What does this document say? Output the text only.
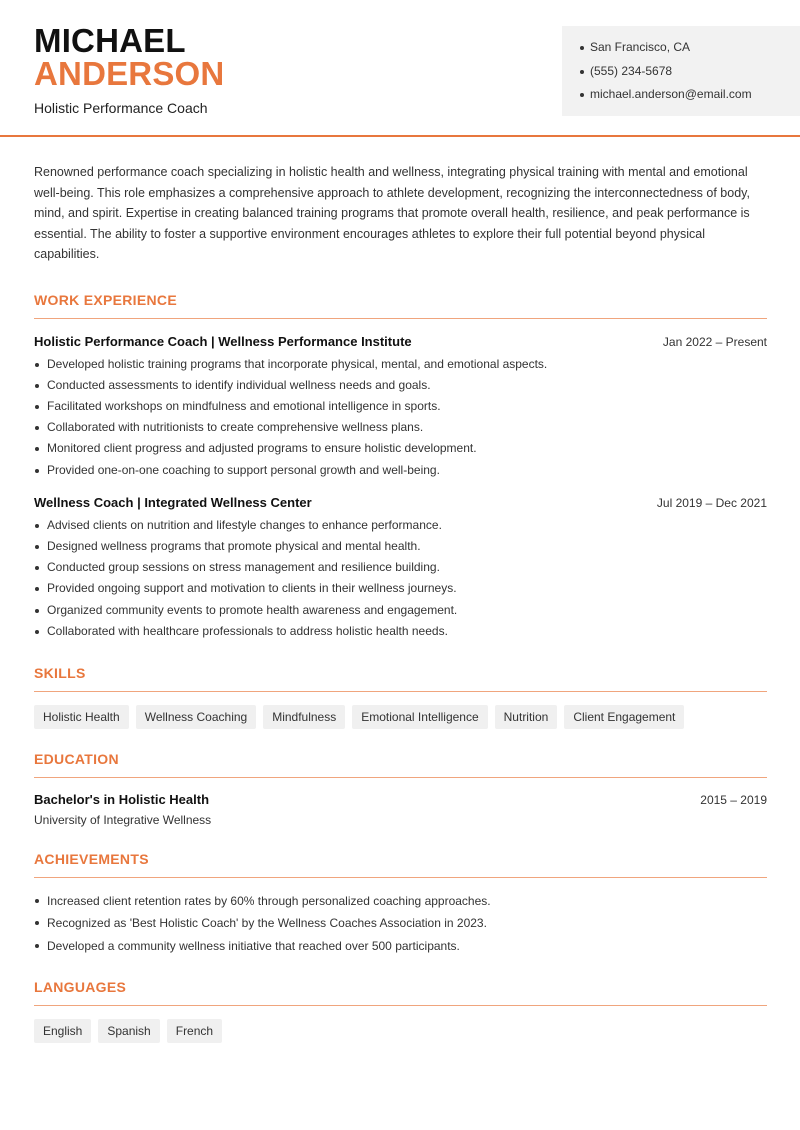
MICHAEL
ANDERSON
Holistic Performance Coach
San Francisco, CA
(555) 234-5678
michael.anderson@email.com

Renowned performance coach specializing in holistic health and wellness, integrating physical training with mental and emotional well-being. This role emphasizes a comprehensive approach to athlete development, recognizing the interconnectedness of body, mind, and spirit. Expertise in creating balanced training programs that promote overall health, resilience, and peak performance is essential. The ability to foster a supportive environment encourages athletes to explore their full potential beyond physical capabilities.

WORK EXPERIENCE
Holistic Performance Coach | Wellness Performance Institute	Jan 2022 – Present
Developed holistic training programs that incorporate physical, mental, and emotional aspects.
Conducted assessments to identify individual wellness needs and goals.
Facilitated workshops on mindfulness and emotional intelligence in sports.
Collaborated with nutritionists to create comprehensive wellness plans.
Monitored client progress and adjusted programs to ensure holistic development.
Provided one-on-one coaching to support personal growth and well-being.
Wellness Coach | Integrated Wellness Center	Jul 2019 – Dec 2021
Advised clients on nutrition and lifestyle changes to enhance performance.
Designed wellness programs that promote physical and mental health.
Conducted group sessions on stress management and resilience building.
Provided ongoing support and motivation to clients in their wellness journeys.
Organized community events to promote health awareness and engagement.
Collaborated with healthcare professionals to address holistic health needs.
SKILLS
Holistic Health	Wellness Coaching	Mindfulness	Emotional Intelligence	Nutrition	Client Engagement
EDUCATION
Bachelor's in Holistic Health	2015 – 2019
University of Integrative Wellness
ACHIEVEMENTS
Increased client retention rates by 60% through personalized coaching approaches.
Recognized as 'Best Holistic Coach' by the Wellness Coaches Association in 2023.
Developed a community wellness initiative that reached over 500 participants.
LANGUAGES
English	Spanish	French
